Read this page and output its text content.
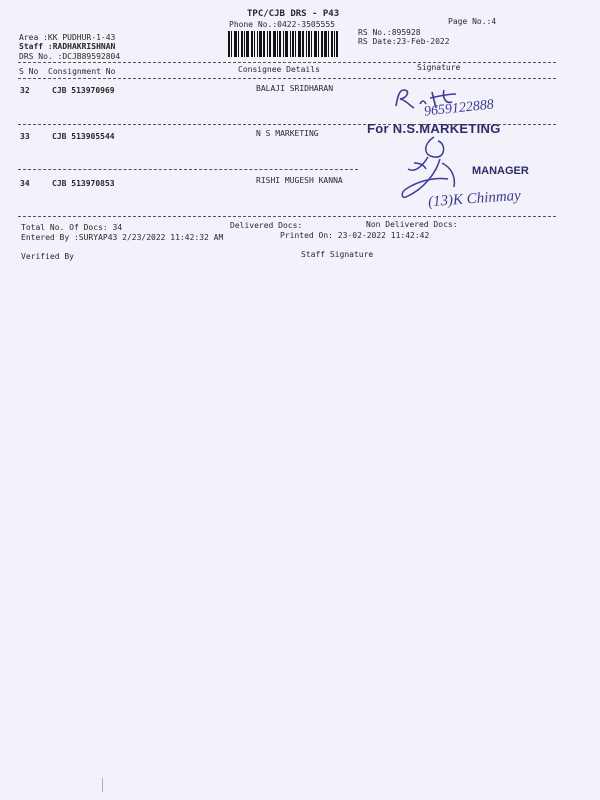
TPC/CJB DRS - P43
Phone No.:0422-3505555	Page No.:4
Area :KK PUDHUR-1-43
Staff :RADHAKRISHNAN
DRS No. :DCJB89592804
RS No.:895928
RS Date:23-Feb-2022
S No Consignment No	Consignee Details	Signature
32	CJB 513970969	BALAJI SRIDHARAN
33	CJB 513905544	N S MARKETING
34	CJB 513970853	RISHI MUGESH KANNA
9659122888
For N.S.MARKETING
MANAGER
(13)K Chinmay
Total No. Of Docs: 34	Delivered Docs:	Non Delivered Docs:
Entered By :SURYAP43 2/23/2022 11:42:32 AM	Printed On: 23-02-2022 11:42:42
Verified By	Staff Signature
